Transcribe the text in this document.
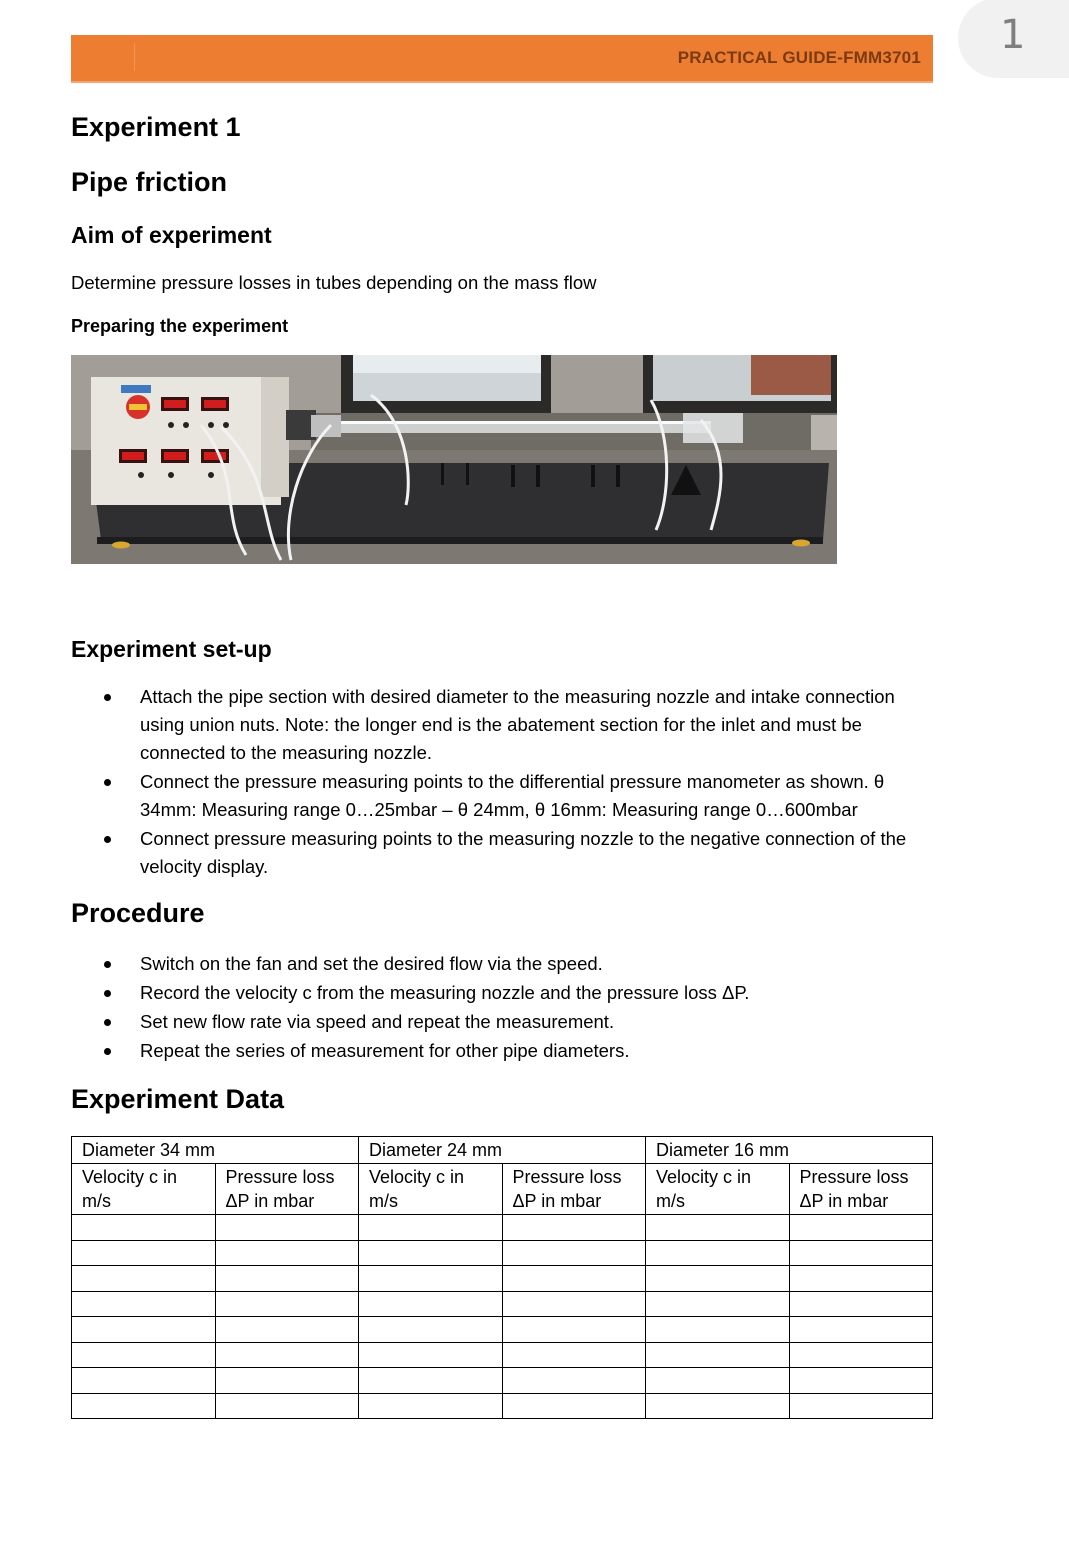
1
PRACTICAL GUIDE-FMM3701
Experiment 1
Pipe friction
Aim of experiment
Determine pressure losses in tubes depending on the mass flow
Preparing the experiment
Experiment set-up
Attach the pipe section with desired diameter to the measuring nozzle and intake connection using union nuts. Note: the longer end is the abatement section for the inlet and must be connected to the measuring nozzle.
Connect the pressure measuring points to the differential pressure manometer as shown. θ 34mm: Measuring range 0…25mbar – θ 24mm, θ 16mm: Measuring range 0…600mbar
Connect pressure measuring points to the measuring nozzle to the negative connection of the velocity display.
Procedure
Switch on the fan and set the desired flow via the speed.
Record the velocity c from the measuring nozzle and the pressure loss ΔP.
Set new flow rate via speed and repeat the measurement.
Repeat the series of measurement for other pipe diameters.
Experiment Data
Diameter 34 mm		Diameter 24 mm		Diameter 16 mm	
Velocity c in m/s	Pressure loss ΔP in mbar	Velocity c in m/s	Pressure loss ΔP in mbar	Velocity c in m/s	Pressure loss ΔP in mbar
